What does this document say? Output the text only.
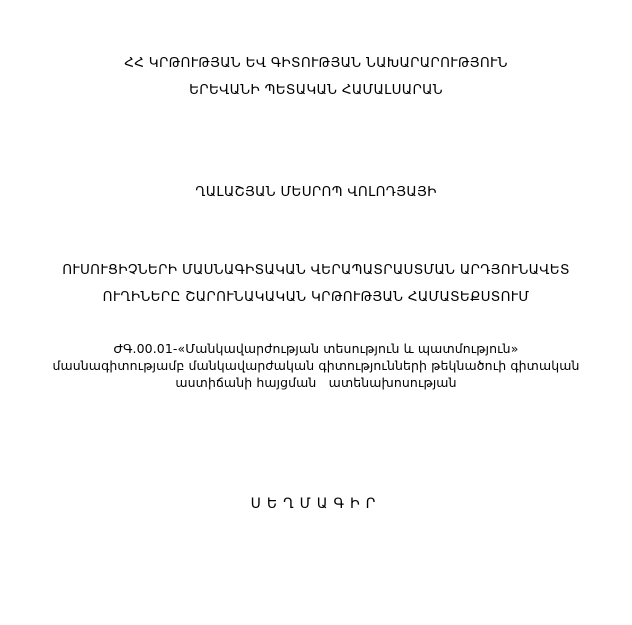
ՀՀ ԿՐԹՈՒԹՅԱՆ ԵՎ ԳԻՏՈՒԹՅԱՆ ՆԱԽԱՐԱՐՈՒԹՅՈՒՆ
ԵՐԵՎԱՆԻ ՊԵՏԱԿԱՆ ՀԱՄԱԼՍԱՐԱՆ
ՂԱԼԱՇՅԱՆ ՄԵՍՐՈՊ ՎՈԼՈԴՅԱՅԻ
ՈՒՍՈՒՑԻՉՆԵՐԻ ՄԱՍՆԱԳԻՏԱԿԱՆ ՎԵՐԱՊԱՏՐԱՍՏՄԱՆ ԱՐԴՅՈՒՆԱՎԵՏ
ՈՒՂԻՆԵՐԸ ՇԱՐՈՒՆԱԿԱԿԱՆ ԿՐԹՈՒԹՅԱՆ ՀԱՄԱՏԵՔՍՏՈՒՄ
ԺԳ.00.01-«Մանկավարժության տեսություն և պատմություն»
մասնագիտությամբ մանկավարժական գիտությունների թեկնածուի գիտական
աստիճանի հայցման   ատենախոսության
ՍԵՂՄԱԳԻՐ
